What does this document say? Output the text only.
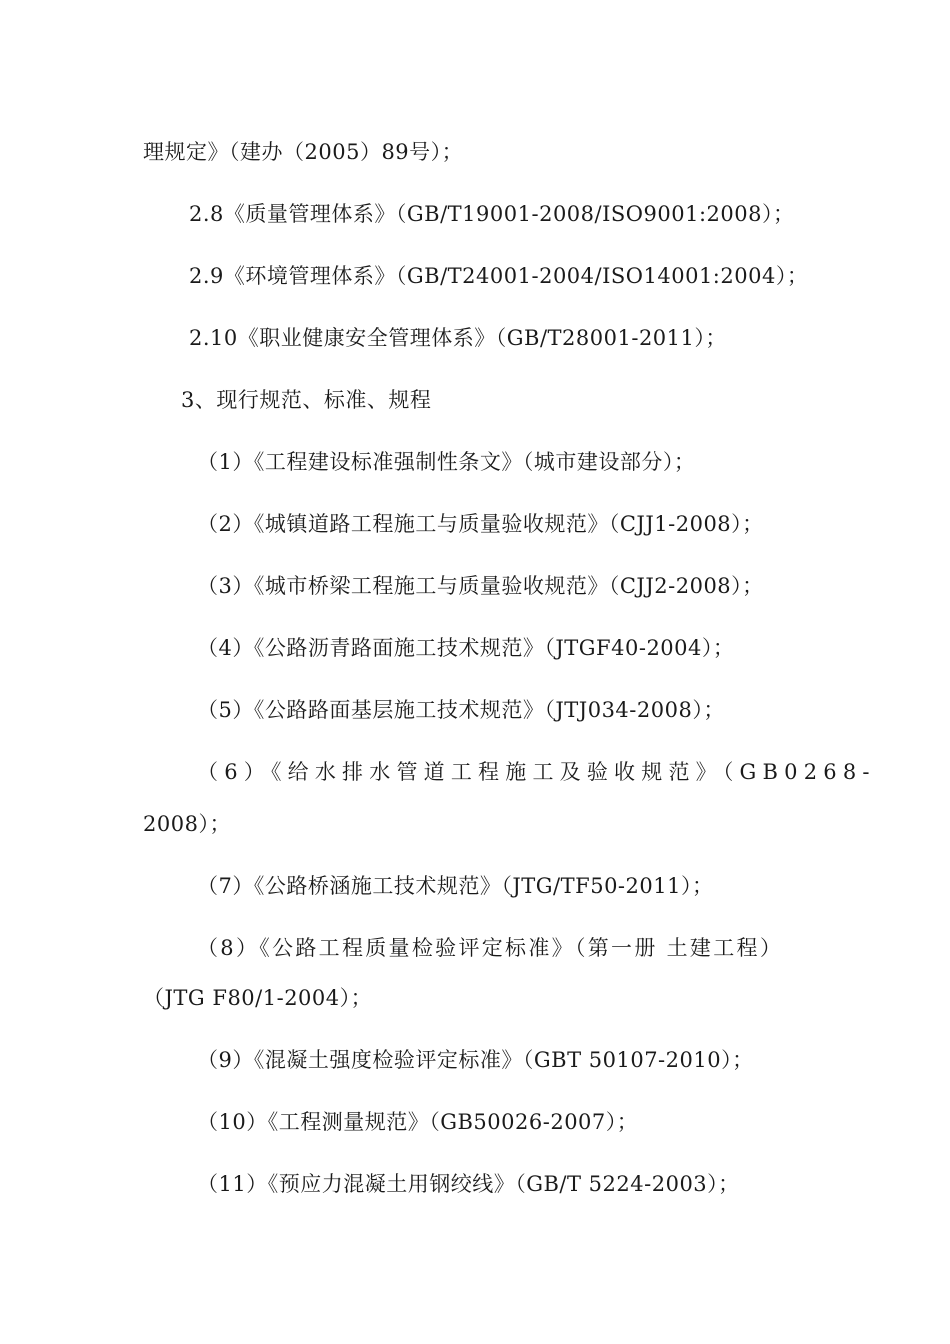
理规定》（建办（2005）89号）；
2.8《质量管理体系》（GB/T19001-2008/ISO9001:2008）；
2.9《环境管理体系》（GB/T24001-2004/ISO14001:2004）；
2.10《职业健康安全管理体系》（GB/T28001-2011）；
3、现行规范、标准、规程
（1）《工程建设标准强制性条文》（城市建设部分）；
（2）《城镇道路工程施工与质量验收规范》（CJJ1-2008）；
（3）《城市桥梁工程施工与质量验收规范》（CJJ2-2008）；
（4）《公路沥青路面施工技术规范》（JTGF40-2004）；
（5）《公路路面基层施工技术规范》（JTJ034-2008）；
（6）《给水排水管道工程施工及验收规范》（GB0268-
2008）；
（7）《公路桥涵施工技术规范》（JTG/TF50-2011）；
（8）《公路工程质量检验评定标准》（第一册 土建工程）
（JTG F80/1-2004）；
（9）《混凝土强度检验评定标准》（GBT 50107-2010）；
（10）《工程测量规范》（GB50026-2007）；
（11）《预应力混凝土用钢绞线》（GB/T 5224-2003）；
